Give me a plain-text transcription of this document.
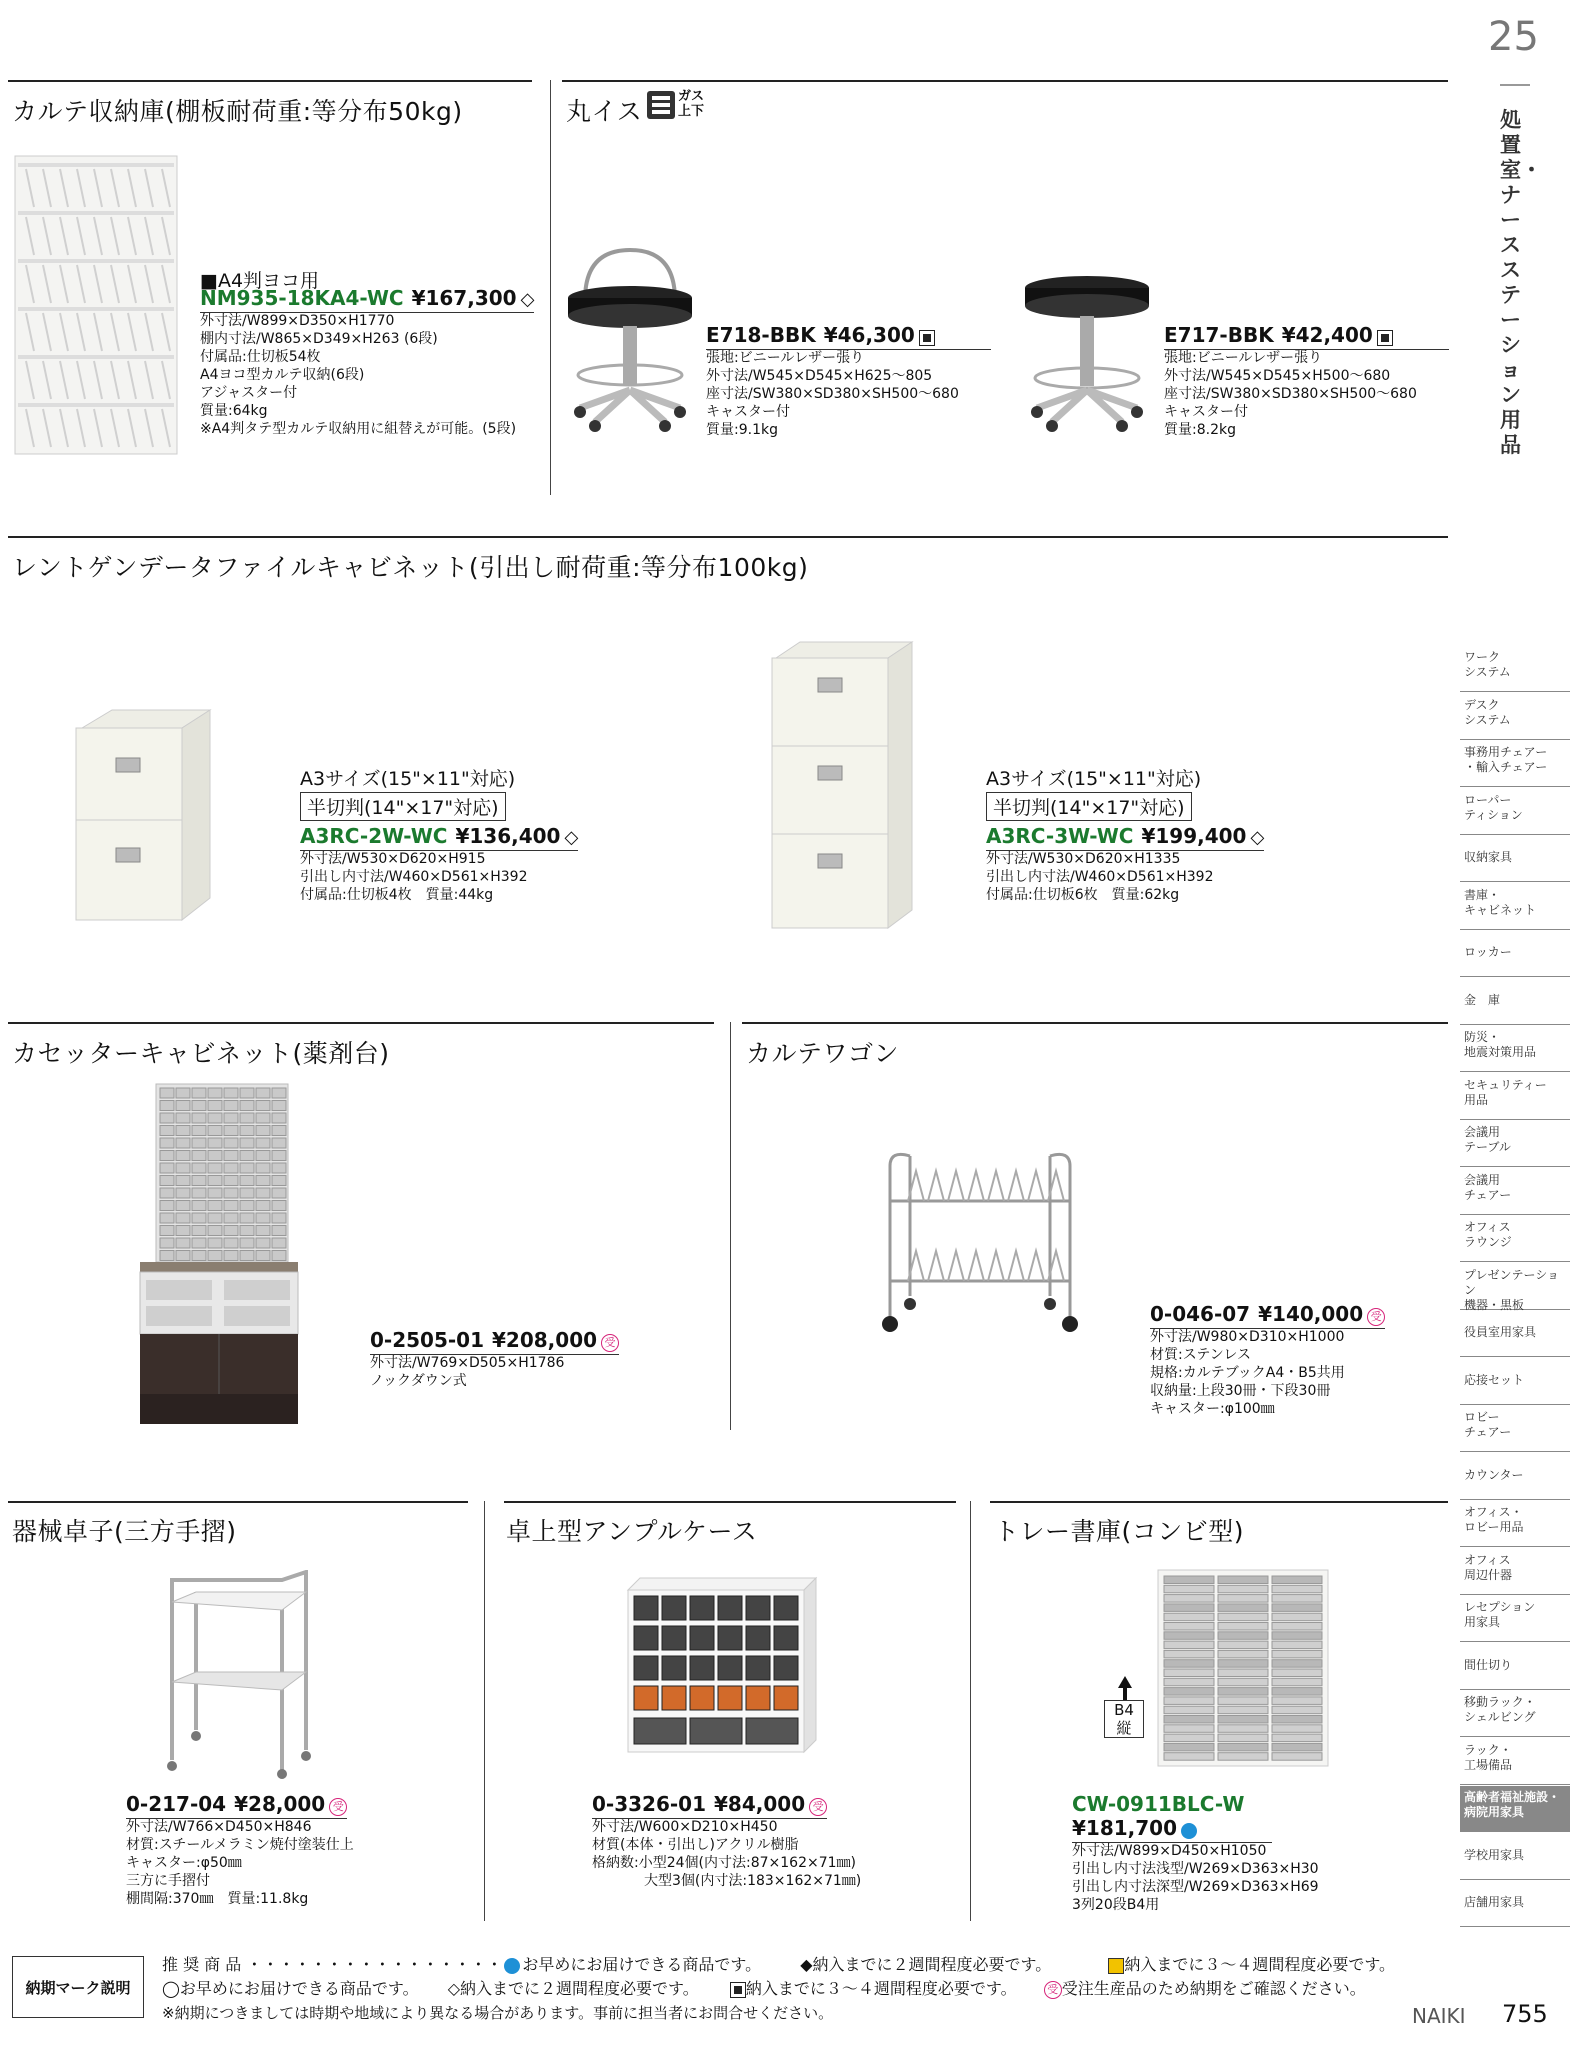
25
処置室・ナースステーション用品
カルテ収納庫(棚板耐荷重:等分布50kg)
■A4判ヨコ用
NM935-18KA4-WC ¥167,300 ◇
外寸法/W899×D350×H1770
棚内寸法/W865×D349×H263 (6段)
付属品:仕切板54枚
A4ヨコ型カルテ収納(6段)
アジャスター付
質量:64kg
※A4判タテ型カルテ収納用に組替えが可能。(5段)
丸イス
ガス
上下
E718-BBK ¥46,300
張地:ビニールレザー張り
外寸法/W545×D545×H625～805
座寸法/SW380×SD380×SH500～680
キャスター付
質量:9.1kg
E717-BBK ¥42,400
張地:ビニールレザー張り
外寸法/W545×D545×H500～680
座寸法/SW380×SD380×SH500～680
キャスター付
質量:8.2kg
レントゲンデータファイルキャビネット(引出し耐荷重:等分布100kg)
A3サイズ(15"×11"対応)
半切判(14"×17"対応)
A3RC-2W-WC ¥136,400 ◇
外寸法/W530×D620×H915
引出し内寸法/W460×D561×H392
付属品:仕切板4枚　質量:44kg
A3サイズ(15"×11"対応)
半切判(14"×17"対応)
A3RC-3W-WC ¥199,400 ◇
外寸法/W530×D620×H1335
引出し内寸法/W460×D561×H392
付属品:仕切板6枚　質量:62kg
カセッターキャビネット(薬剤台)
0-2505-01 ¥208,000 受
外寸法/W769×D505×H1786
ノックダウン式
カルテワゴン
0-046-07 ¥140,000 受
外寸法/W980×D310×H1000
材質:ステンレス
規格:カルテブックA4・B5共用
収納量:上段30冊・下段30冊
キャスター:φ100㎜
器械卓子(三方手摺)
0-217-04 ¥28,000 受
外寸法/W766×D450×H846
材質:スチールメラミン焼付塗装仕上
キャスター:φ50㎜
三方に手摺付
棚間隔:370㎜　質量:11.8kg
卓上型アンプルケース
0-3326-01 ¥84,000 受
外寸法/W600×D210×H450
材質(本体・引出し)アクリル樹脂
格納数:小型24個(内寸法:87×162×71㎜)
大型3個(内寸法:183×162×71㎜)
トレー書庫(コンビ型)
B4
縦
CW-0911BLC-W
¥181,700
外寸法/W899×D450×H1050
引出し内寸法浅型/W269×D363×H30
引出し内寸法深型/W269×D363×H69
3列20段B4用
ワーク
システム
デスク
システム
事務用チェアー
・輸入チェアー
ローパー
ティション
収納家具
書庫・
キャビネット
ロッカー
金　庫
防災・
地震対策用品
セキュリティー
用品
会議用
テーブル
会議用
チェアー
オフィス
ラウンジ
プレゼンテーション
機器・黒板
役員室用家具
応接セット
ロビー
チェアー
カウンター
オフィス・
ロビー用品
オフィス
周辺什器
レセプション
用家具
間仕切り
移動ラック・
シェルビング
ラック・
工場備品
高齢者福祉施設・
病院用家具
学校用家具
店舗用家具
納期マーク説明
推 奨 商 品 ・・・・・・・・・・・・・・・・ お早めにお届けできる商品です。 ◆納入までに２週間程度必要です。	納入までに３～４週間程度必要です。
◯お早めにお届けできる商品です。 ◇納入までに２週間程度必要です。	納入までに３～４週間程度必要です。	受 受注生産品のため納期をご確認ください。
※納期につきましては時期や地域により異なる場合があります。事前に担当者にお問合せください。	NAIKI 755
